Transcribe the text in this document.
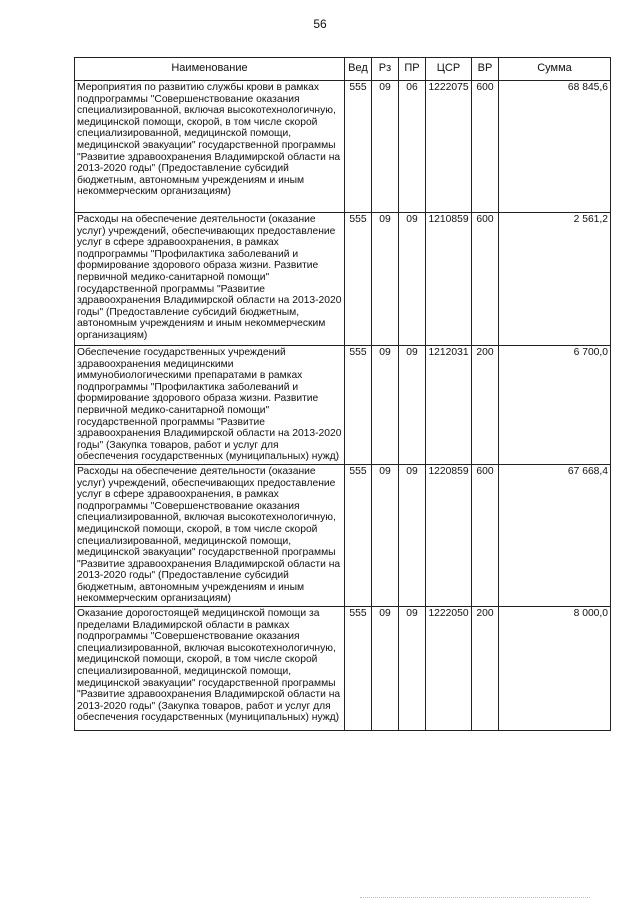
56
Наименование	Вед	Рз	ПР	ЦСР	ВР	Сумма
Мероприятия по развитию службы крови в рамках подпрограммы "Совершенствование оказания специализированной, включая высокотехнологичную, медицинской помощи, скорой, в том числе скорой специализированной, медицинской помощи, медицинской эвакуации" государственной программы "Развитие здравоохранения Владимирской области на 2013-2020 годы" (Предоставление субсидий бюджетным, автономным учреждениям и иным некоммерческим организациям)	555	09	06	1222075	600	68 845,6
Расходы на обеспечение деятельности (оказание услуг) учреждений, обеспечивающих предоставление услуг в сфере здравоохранения, в рамках подпрограммы "Профилактика заболеваний и формирование здорового образа жизни. Развитие первичной медико-санитарной помощи" государственной программы "Развитие здравоохранения Владимирской области на 2013-2020 годы" (Предоставление субсидий бюджетным, автономным учреждениям и иным некоммерческим организациям)	555	09	09	1210859	600	2 561,2
Обеспечение государственных учреждений здравоохранения медицинскими иммунобиологическими препаратами в рамках подпрограммы "Профилактика заболеваний и формирование здорового образа жизни. Развитие первичной медико-санитарной помощи" государственной программы "Развитие здравоохранения Владимирской области на 2013-2020 годы" (Закупка товаров, работ и услуг для обеспечения государственных (муниципальных) нужд)	555	09	09	1212031	200	6 700,0
Расходы на обеспечение деятельности (оказание услуг) учреждений, обеспечивающих предоставление услуг в сфере здравоохранения, в рамках подпрограммы "Совершенствование оказания специализированной, включая высокотехнологичную, медицинской помощи, скорой, в том числе скорой специализированной, медицинской помощи, медицинской эвакуации" государственной программы "Развитие здравоохранения Владимирской области на 2013-2020 годы" (Предоставление субсидий бюджетным, автономным учреждениям и иным некоммерческим организациям)	555	09	09	1220859	600	67 668,4
Оказание дорогостоящей медицинской помощи за пределами Владимирской области в рамках подпрограммы "Совершенствование оказания специализированной, включая высокотехнологичную, медицинской помощи, скорой, в том числе скорой специализированной, медицинской помощи, медицинской эвакуации" государственной программы "Развитие здравоохранения Владимирской области на 2013-2020 годы" (Закупка товаров, работ и услуг для обеспечения государственных (муниципальных) нужд)	555	09	09	1222050	200	8 000,0
